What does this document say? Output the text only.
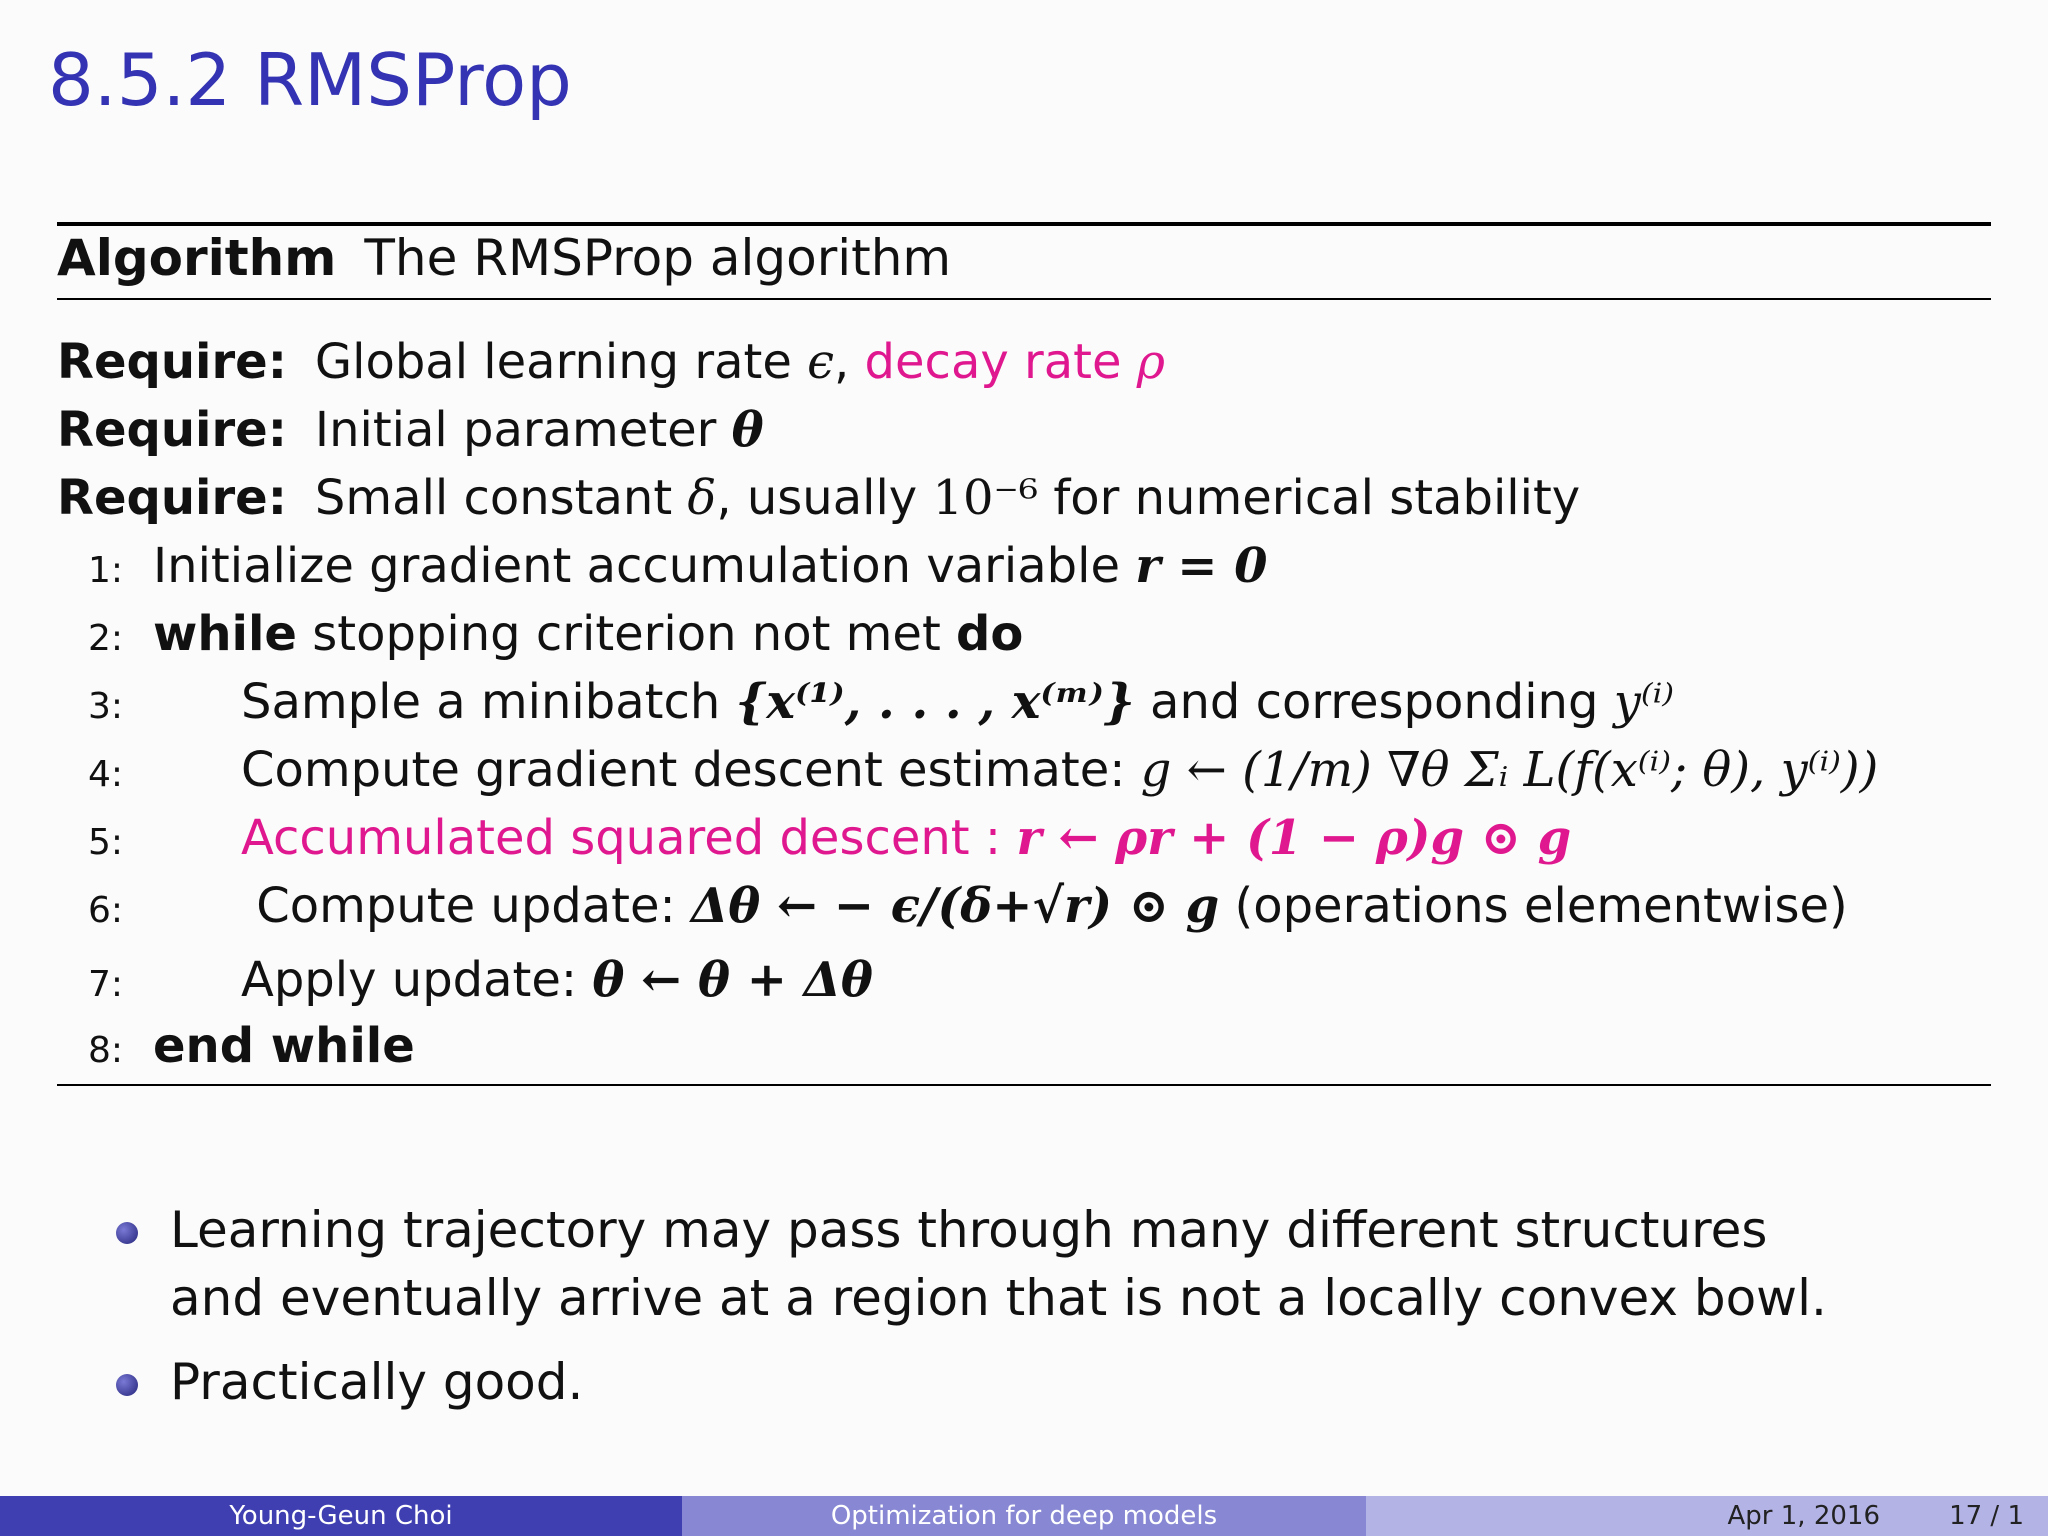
8.5.2 RMSProp
Algorithm The RMSProp algorithm
Require: Global learning rate ϵ, decay rate ρ
Require: Initial parameter θ
Require: Small constant δ, usually 10⁻⁶ for numerical stability
1: Initialize gradient accumulation variable r = 0
2: while stopping criterion not met do
3: Sample a minibatch {x⁽¹⁾, . . . , x⁽ᵐ⁾} and corresponding y⁽ⁱ⁾
4: Compute gradient descent estimate: g ← (1/m) ∇θ Σᵢ L(f(x⁽ⁱ⁾; θ), y⁽ⁱ⁾))
5: Accumulated squared descent : r ← ρr + (1 − ρ)g ⊙ g
6: Compute update: Δθ ← − ϵ/(δ+√r) ⊙ g (operations elementwise)
7: Apply update: θ ← θ + Δθ
8: end while
Learning trajectory may pass through many different structures and eventually arrive at a region that is not a locally convex bowl.
Practically good.
Young-Geun Choi	Optimization for deep models	Apr 1, 2016	17 / 1
